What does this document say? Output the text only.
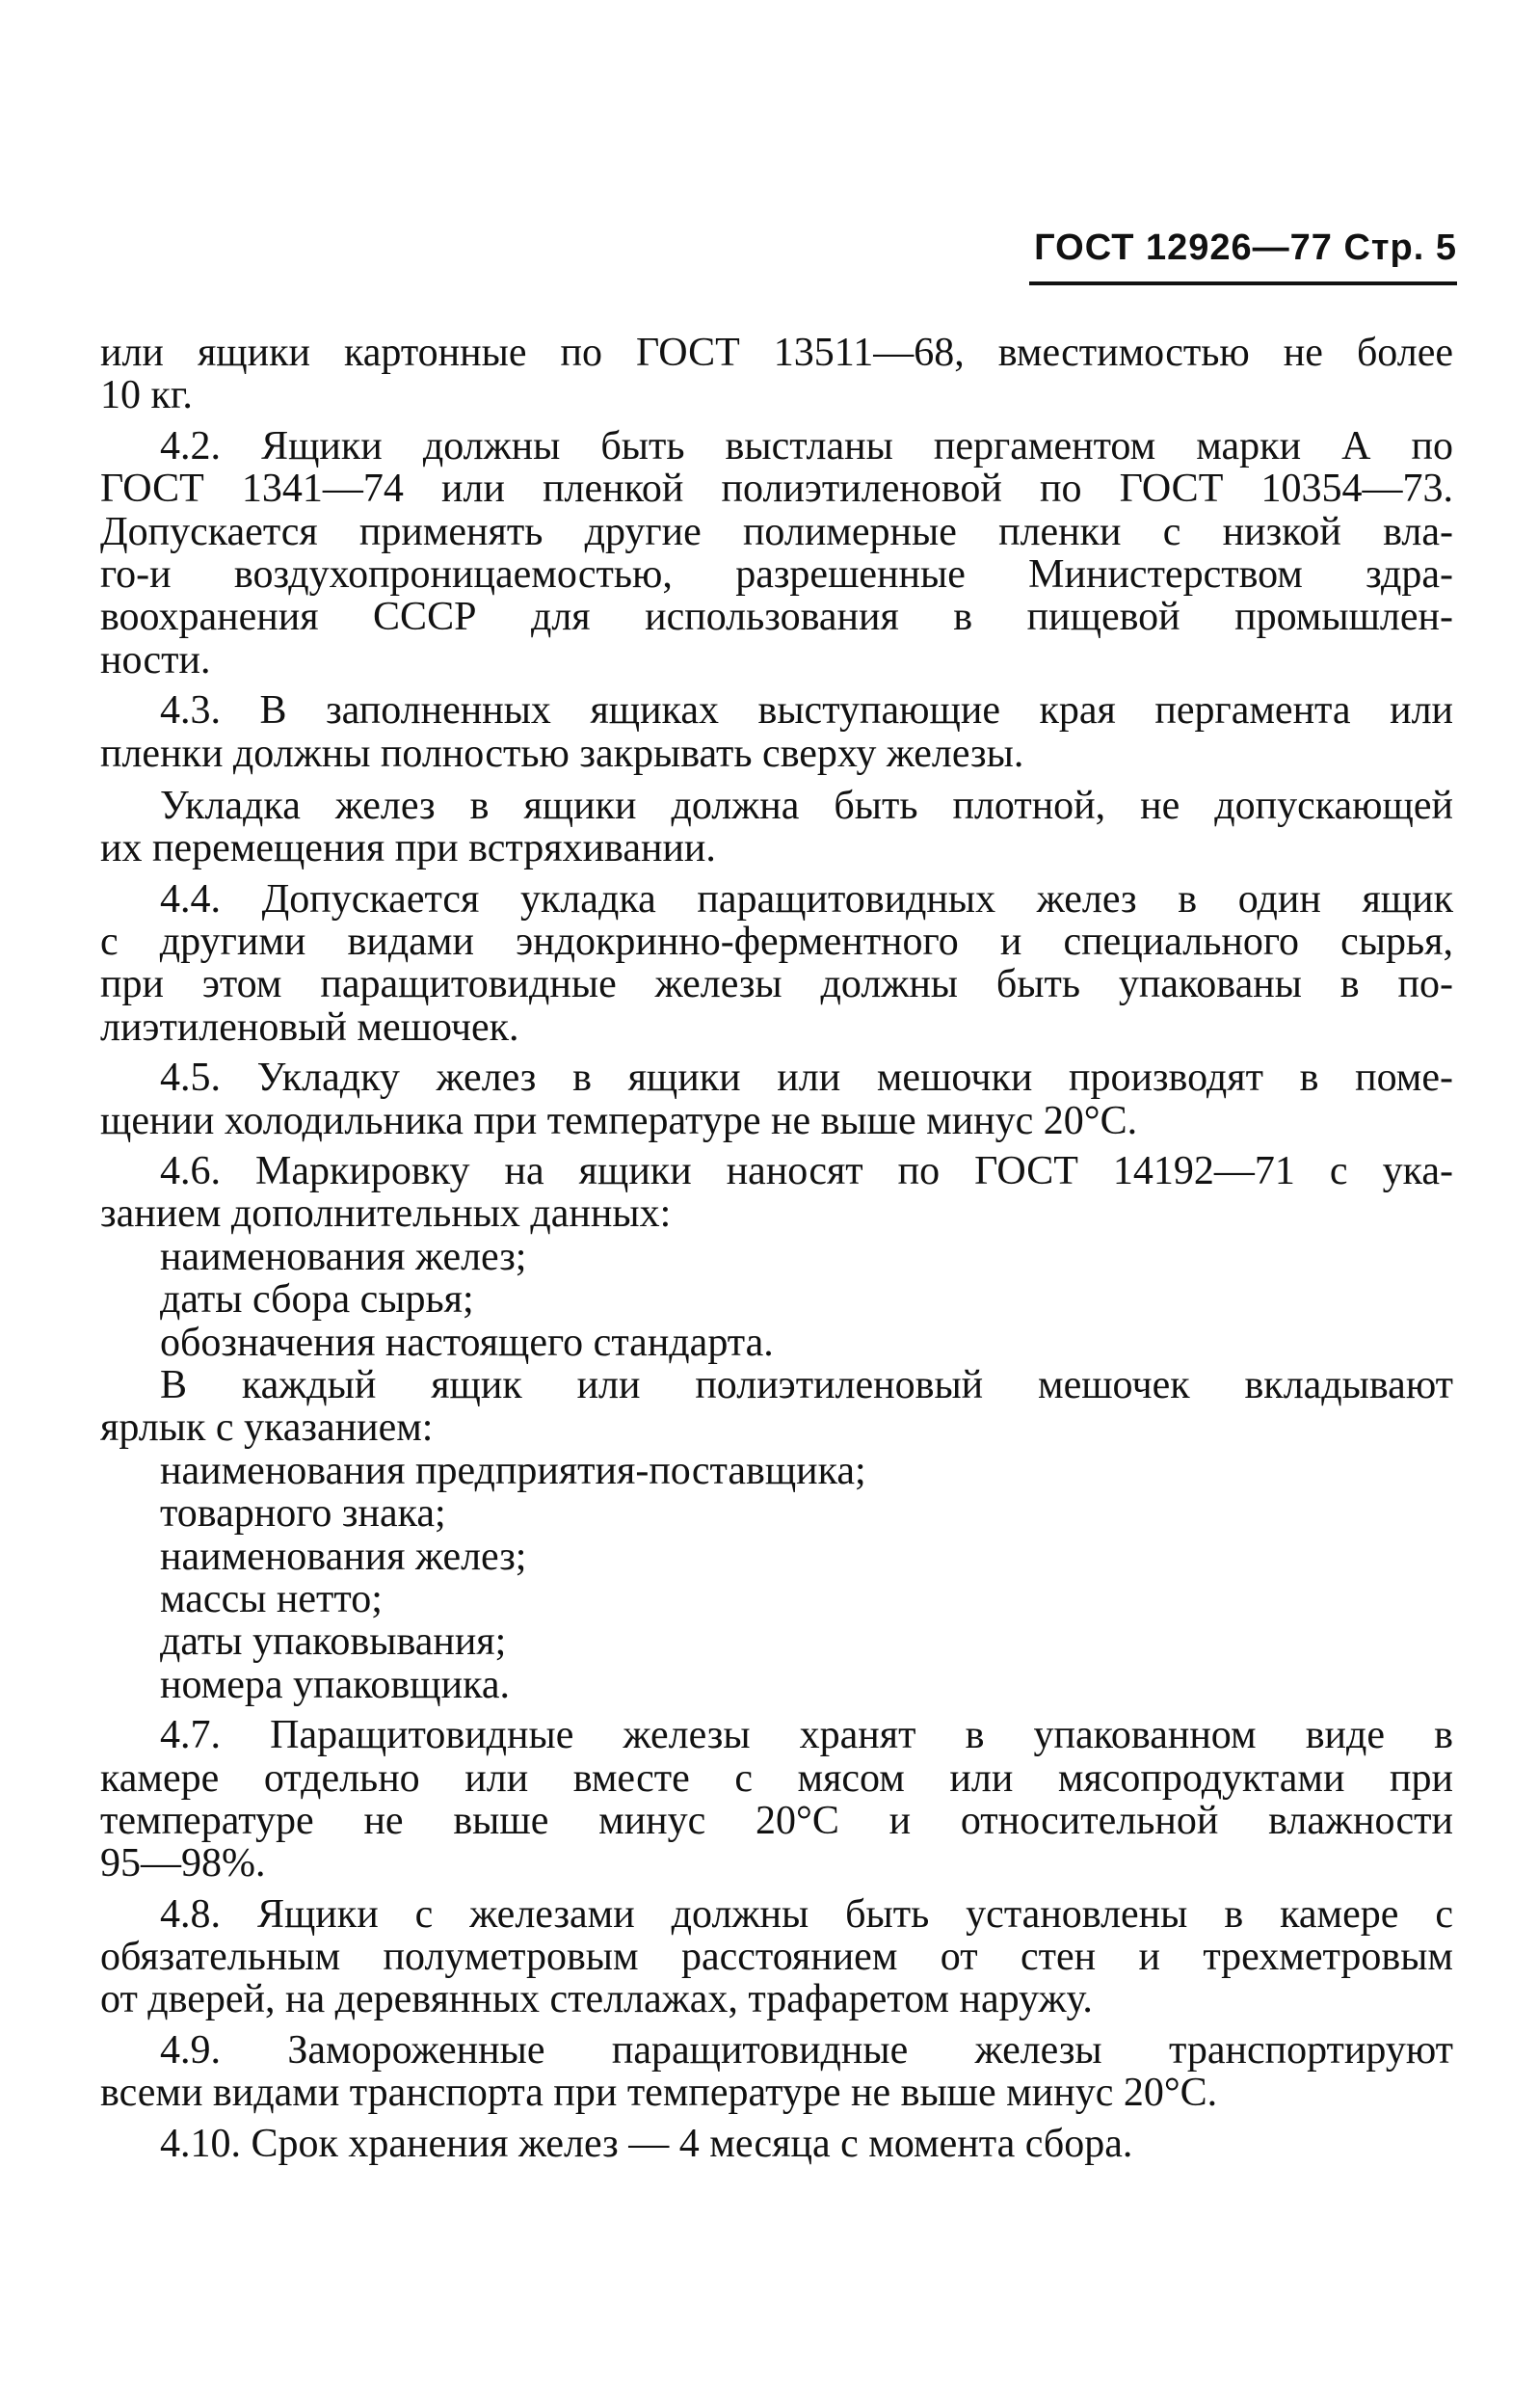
ГОСТ 12926—77 Стр. 5
или ящики картонные по ГОСТ 13511—68, вместимостью не более
10 кг.
4.2. Ящики должны быть выстланы пергаментом марки А по
ГОСТ 1341—74 или пленкой полиэтиленовой по ГОСТ 10354—73.
Допускается применять другие полимерные пленки с низкой вла-
го-и воздухопроницаемостью, разрешенные Министерством здра-
воохранения СССР для использования в пищевой промышлен-
ности.
4.3. В заполненных ящиках выступающие края пергамента или
пленки должны полностью закрывать сверху железы.
Укладка желез в ящики должна быть плотной, не допускающей
их перемещения при встряхивании.
4.4. Допускается укладка паращитовидных желез в один ящик
с другими видами эндокринно-ферментного и специального сырья,
при этом паращитовидные железы должны быть упакованы в по-
лиэтиленовый мешочек.
4.5. Укладку желез в ящики или мешочки производят в поме-
щении холодильника при температуре не выше минус 20°С.
4.6. Маркировку на ящики наносят по ГОСТ 14192—71 с ука-
занием дополнительных данных:
наименования желез;
даты сбора сырья;
обозначения настоящего стандарта.
В каждый ящик или полиэтиленовый мешочек вкладывают
ярлык с указанием:
наименования предприятия-поставщика;
товарного знака;
наименования желез;
массы нетто;
даты упаковывания;
номера упаковщика.
4.7. Паращитовидные железы хранят в упакованном виде в
камере отдельно или вместе с мясом или мясопродуктами при
температуре не выше минус 20°С и относительной влажности
95—98%.
4.8. Ящики с железами должны быть установлены в камере с
обязательным полуметровым расстоянием от стен и трехметровым
от дверей, на деревянных стеллажах, трафаретом наружу.
4.9. Замороженные паращитовидные железы транспортируют
всеми видами транспорта при температуре не выше минус 20°С.
4.10. Срок хранения желез — 4 месяца с момента сбора.
